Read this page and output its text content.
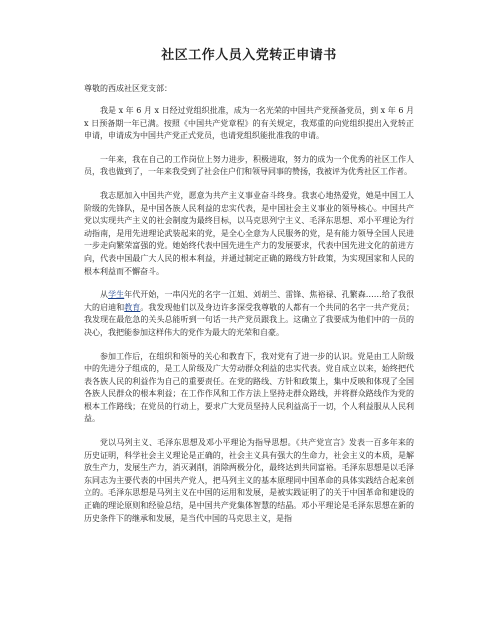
社区工作人员入党转正申请书
尊敬的西成社区党支部：

我是 x 年 6 月 x 日经过党组织批准，成为一名光荣的中国共产党预备党员，到 x 年 6 月 x 日预备期一年已满。按照《中国共产党章程》的有关规定，我郑重的向党组织提出入党转正申请，申请成为中国共产党正式党员，也请党组织能批准我的申请。

一年来，我在自己的工作岗位上努力进步，积极进取，努力的成为一个优秀的社区工作人员，我也做到了，一年来我受到了社会住户们和领导同事的赞扬，我被评为优秀社区工作者。

我志愿加入中国共产党，愿意为共产主义事业奋斗终身。我衷心地热爱党，她是中国工人阶级的先锋队，是中国各族人民利益的忠实代表，是中国社会主义事业的领导核心。中国共产党以实现共产主义的社会制度为最终目标，以马克思列宁主义、毛泽东思想、邓小平理论为行动指南，是用先进理论武装起来的党，是全心全意为人民服务的党，是有能力领导全国人民进一步走向繁荣富强的党。她始终代表中国先进生产力的发展要求，代表中国先进文化的前进方向，代表中国最广大人民的根本利益，并通过制定正确的路线方针政策，为实现国家和人民的根本利益而不懈奋斗。

从学生年代开始，一串闪光的名字一江姐、刘胡兰、雷锋、焦裕禄、孔繁森……给了我很大的启迪和教育。我发现他们以及身边许多深受我尊敬的人都有一个共同的名字一共产党员；我发现在最危急的关头总能听到一句话一共产党员跟我上。这确立了我要成为他们中的一员的决心，我把能参加这样伟大的党作为最大的光荣和自豪。

参加工作后，在组织和领导的关心和教育下，我对党有了进一步的认识。党是由工人阶级中的先进分子组成的，是工人阶级及广大劳动群众利益的忠实代表。党自成立以来，始终把代表各族人民的利益作为自己的重要责任。在党的路线、方针和政策上，集中反映和体现了全国各族人民群众的根本利益；在工作作风和工作方法上坚持走群众路线，并将群众路线作为党的根本工作路线；在党员的行动上，要求广大党员坚持人民利益高于一切，个人利益服从人民利益。

党以马列主义、毛泽东思想及邓小平理论为指导思想。《共产党宣言》发表一百多年来的历史证明，科学社会主义理论是正确的，社会主义具有强大的生命力，社会主义的本质，是解放生产力，发展生产力，消灭剥削，消除两极分化，最终达到共同富裕。毛泽东思想是以毛泽东同志为主要代表的中国共产党人，把马列主义的基本原理同中国革命的具体实践结合起来创立的。毛泽东思想是马列主义在中国的运用和发展，是被实践证明了的关于中国革命和建设的正确的理论原则和经验总结，是中国共产党集体智慧的结晶。邓小平理论是毛泽东思想在新的历史条件下的继承和发展，是当代中国的马克思主义，是指
